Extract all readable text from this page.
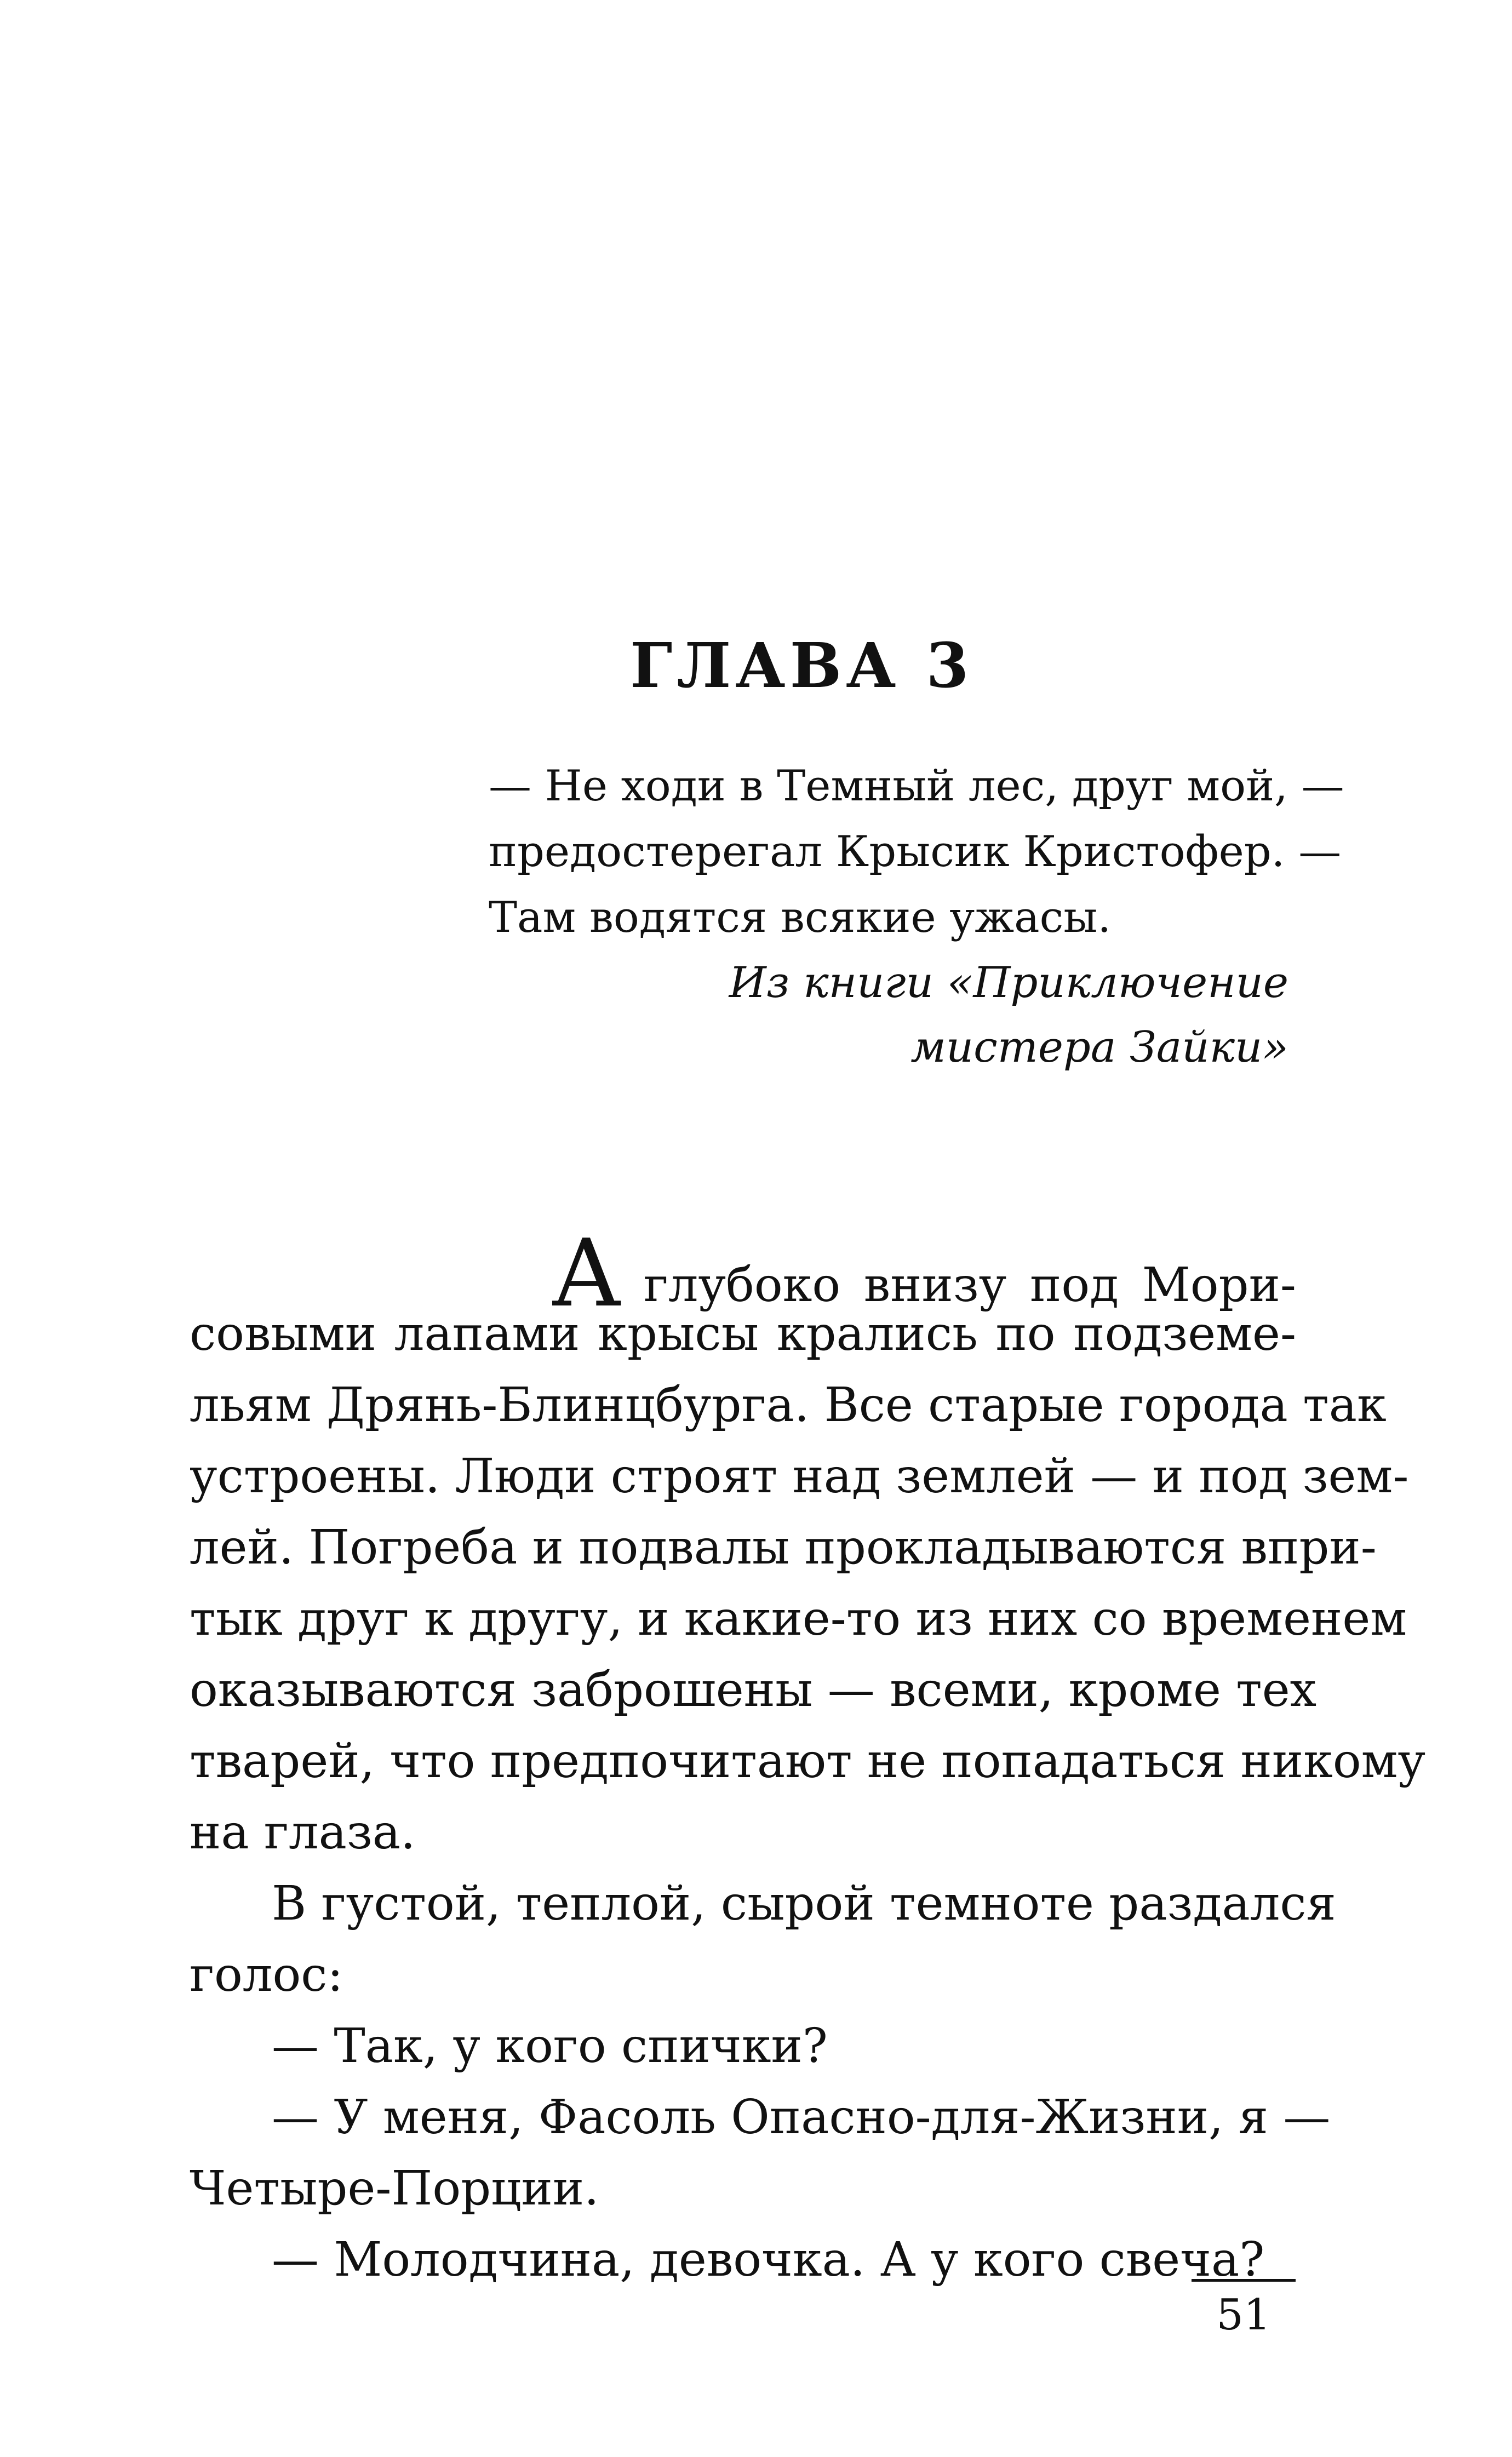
ГЛАВА 3
— Не ходи в Темный лес, друг мой, —
предостерегал Крысик Кристофер. —
Там водятся всякие ужасы.
Из книги «Приключение
мистера Зайки»
Аглубоко внизу под Мори-
совыми лапами крысы крались по подземе-
льям Дрянь-Блинцбурга. Все старые города так
устроены. Люди строят над землей — и под зем-
лей. Погреба и подвалы прокладываются впри-
тык друг к другу, и какие-то из них со временем
оказываются заброшены — всеми, кроме тех
тварей, что предпочитают не попадаться никому
на глаза.
В густой, теплой, сырой темноте раздался
голос:
— Так, у кого спички?
— У меня, Фасоль Опасно-для-Жизни, я —
Четыре-Порции.
— Молодчина, девочка. А у кого свеча?
51
